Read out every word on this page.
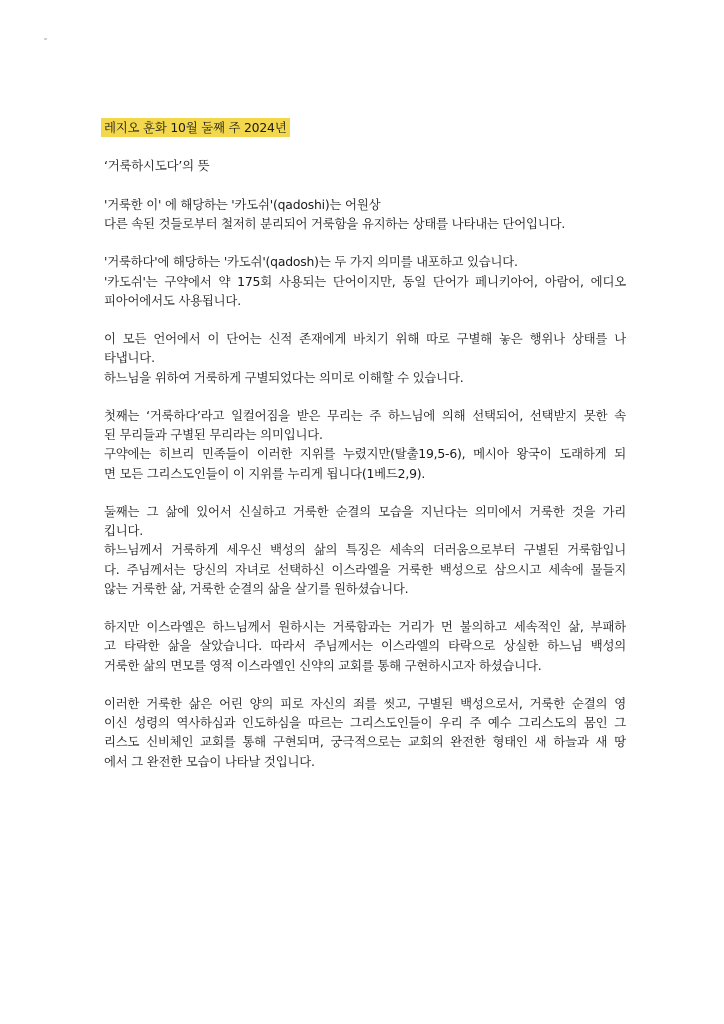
레지오 훈화 10월 둘째 주 2024년

‘거룩하시도다’의 뜻

'거룩한 이' 에 해당하는 '카도쉬'(qadoshi)는 어원상
다른 속된 것들로부터 철저히 분리되어 거룩함을 유지하는 상태를 나타내는 단어입니다.

'거룩하다'에 해당하는 '카도쉬'(qadosh)는 두 가지 의미를 내포하고 있습니다.
'카도쉬'는 구약에서 약 175회 사용되는 단어이지만, 동일 단어가 페니키아어, 아람어, 에디오
피아어에서도 사용됩니다.

이 모든 언어에서 이 단어는 신적 존재에게 바치기 위해 따로 구별해 놓은 행위나 상태를 나
타냅니다.
하느님을 위하여 거룩하게 구별되었다는 의미로 이해할 수 있습니다.

첫째는 ‘거룩하다’라고 일컬어짐을 받은 무리는 주 하느님에 의해 선택되어, 선택받지 못한 속
된 무리들과 구별된 무리라는 의미입니다.
구약에는 히브리 민족들이 이러한 지위를 누렸지만(탈출19,5-6), 메시아 왕국이 도래하게 되
면 모든 그리스도인들이 이 지위를 누리게 됩니다(1베드2,9).

둘째는 그 삶에 있어서 신실하고 거룩한 순결의 모습을 지닌다는 의미에서 거룩한 것을 가리
킵니다.
하느님께서 거룩하게 세우신 백성의 삶의 특징은 세속의 더러움으로부터 구별된 거룩함입니
다. 주님께서는 당신의 자녀로 선택하신 이스라엘을 거룩한 백성으로 삼으시고 세속에 물들지
않는 거룩한 삶, 거룩한 순결의 삶을 살기를 원하셨습니다.

하지만 이스라엘은 하느님께서 원하시는 거룩함과는 거리가 먼 불의하고 세속적인 삶, 부패하
고 타락한 삶을 살았습니다. 따라서 주님께서는 이스라엘의 타락으로 상실한 하느님 백성의
거룩한 삶의 면모를 영적 이스라엘인 신약의 교회를 통해 구현하시고자 하셨습니다.

이러한 거룩한 삶은 어린 양의 피로 자신의 죄를 씻고, 구별된 백성으로서, 거룩한 순결의 영
이신 성령의 역사하심과 인도하심을 따르는 그리스도인들이 우리 주 예수 그리스도의 몸인 그
리스도 신비체인 교회를 통해 구현되며, 궁극적으로는 교회의 완전한 형태인 새 하늘과 새 땅
에서 그 완전한 모습이 나타날 것입니다.
